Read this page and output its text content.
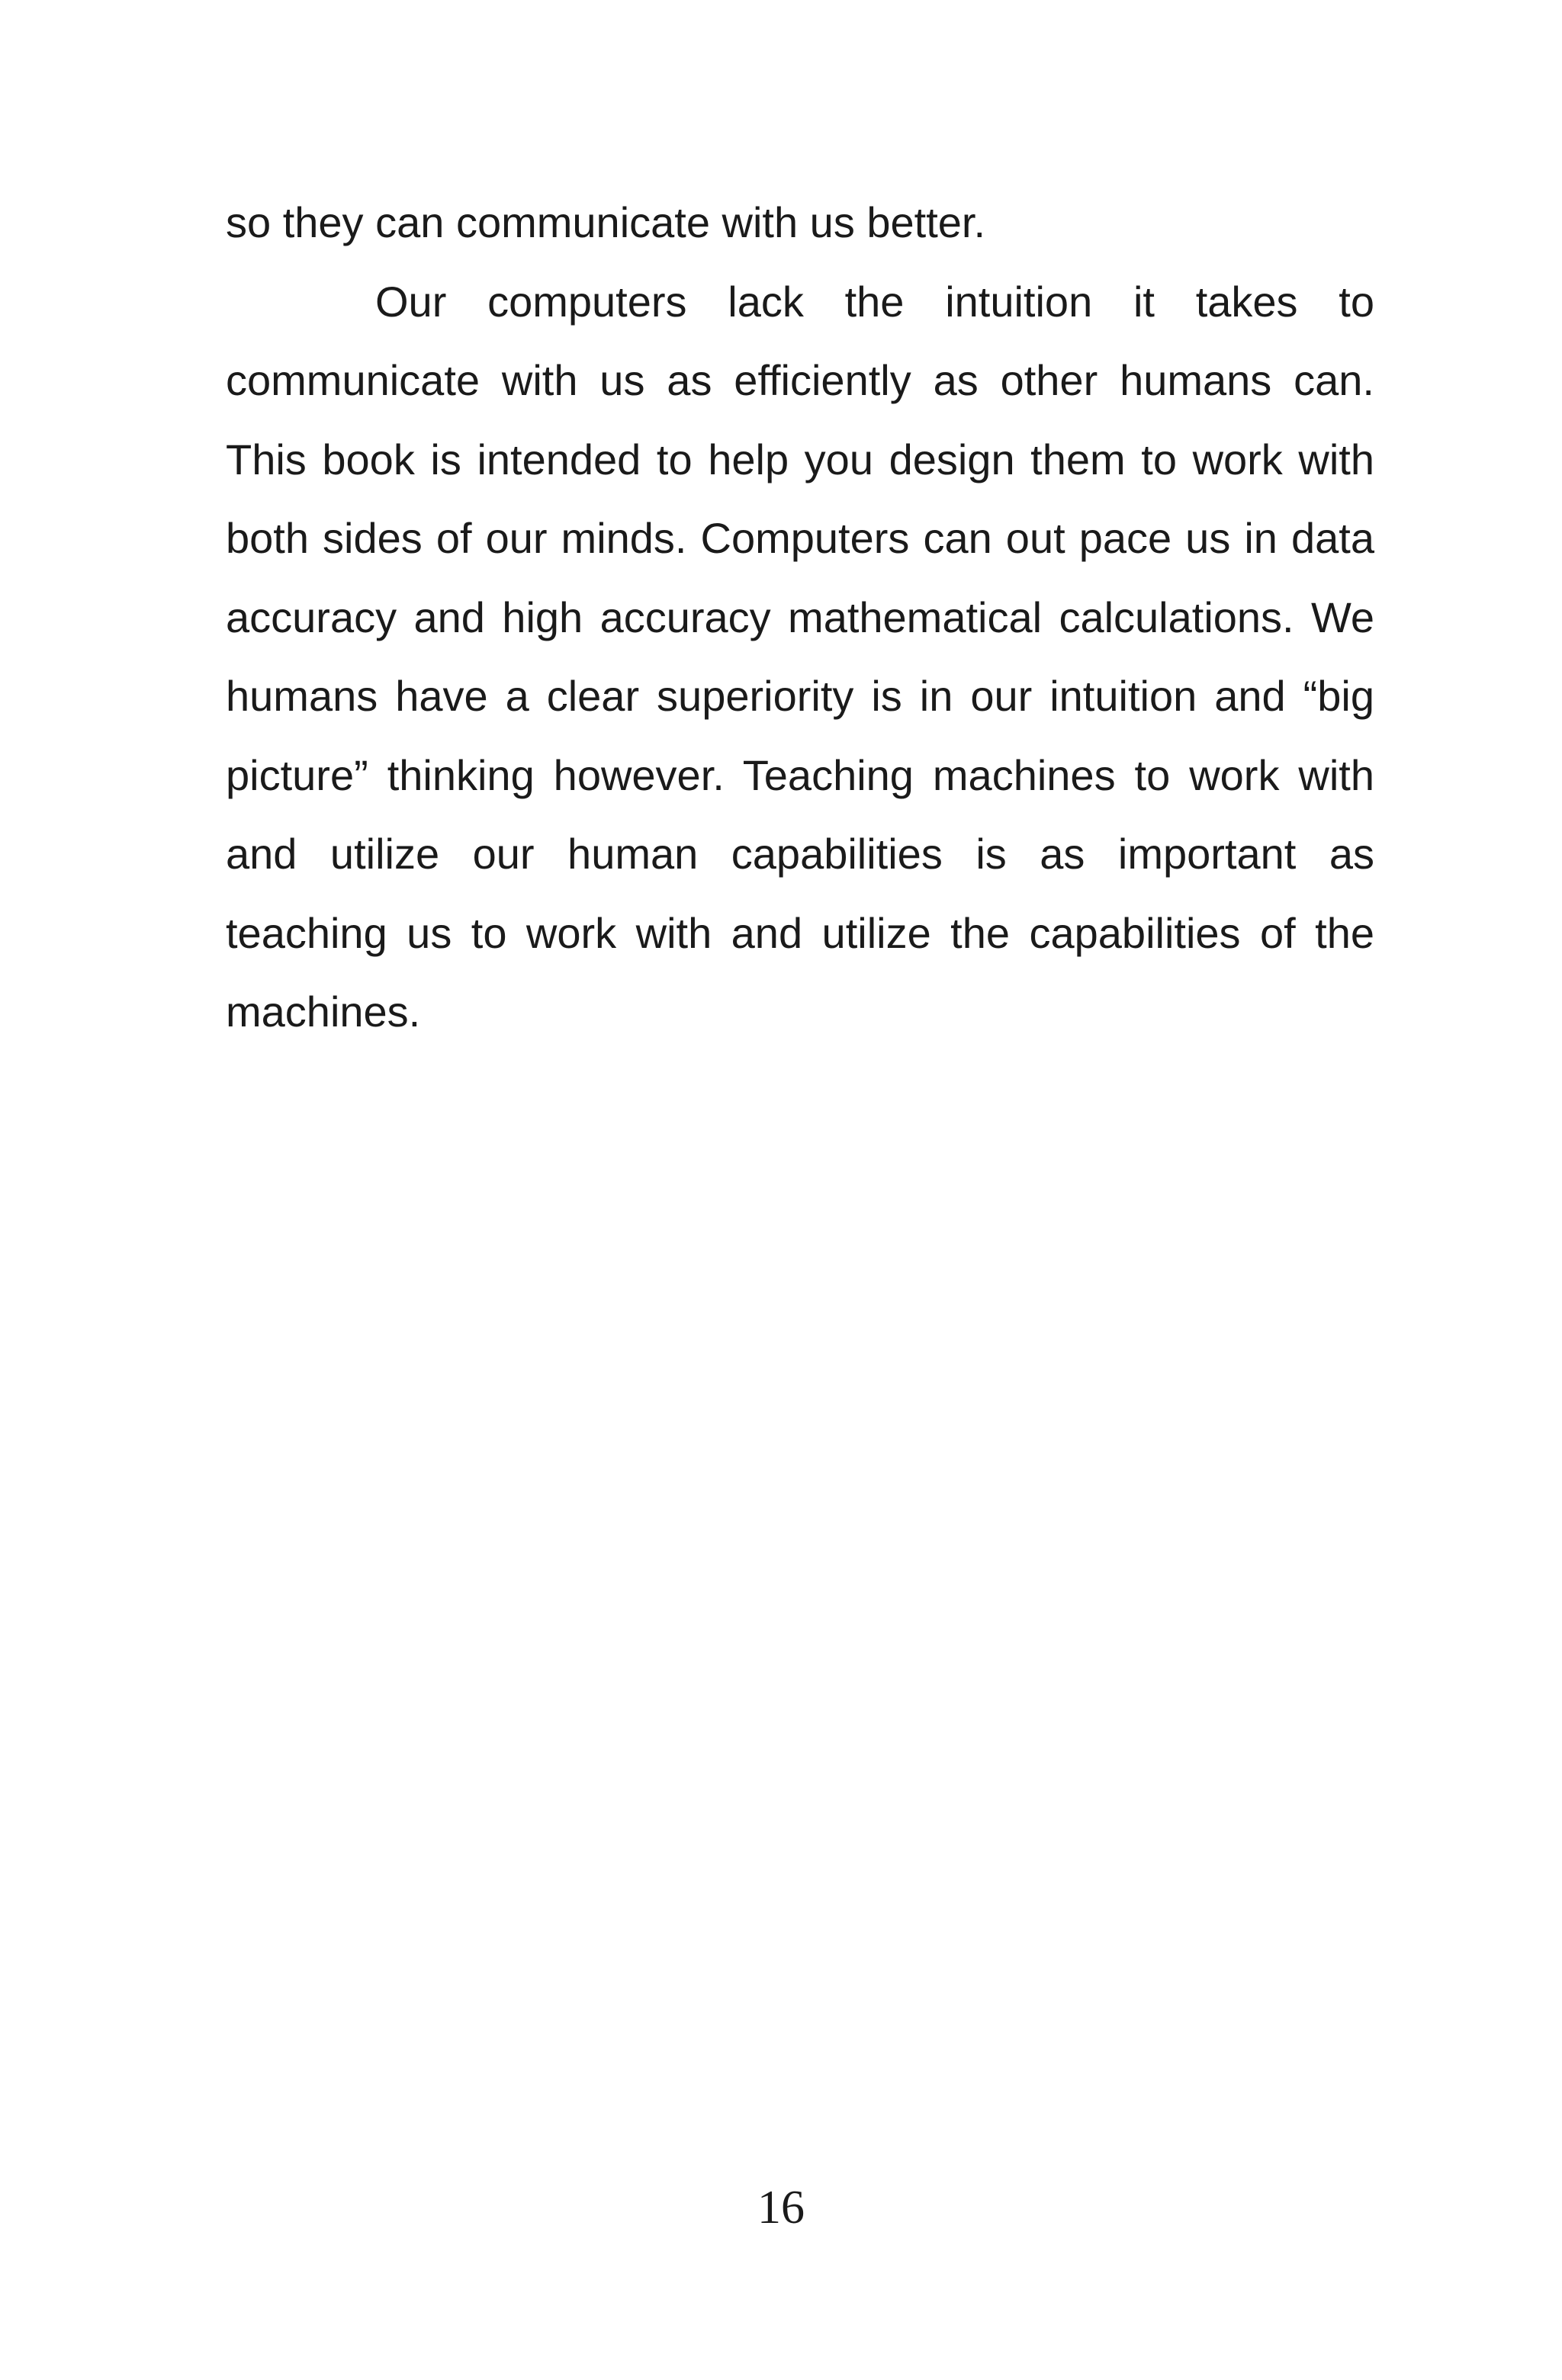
so they can communicate with us better.

Our computers lack the intuition it takes to communicate with us as efficiently as other humans can. This book is intended to help you design them to work with both sides of our minds. Computers can out pace us in data accuracy and high accuracy mathematical calculations. We humans have a clear superiority is in our intuition and “big picture” thinking however. Teaching machines to work with and utilize our human capabilities is as important as teaching us to work with and utilize the capabilities of the machines.

16
